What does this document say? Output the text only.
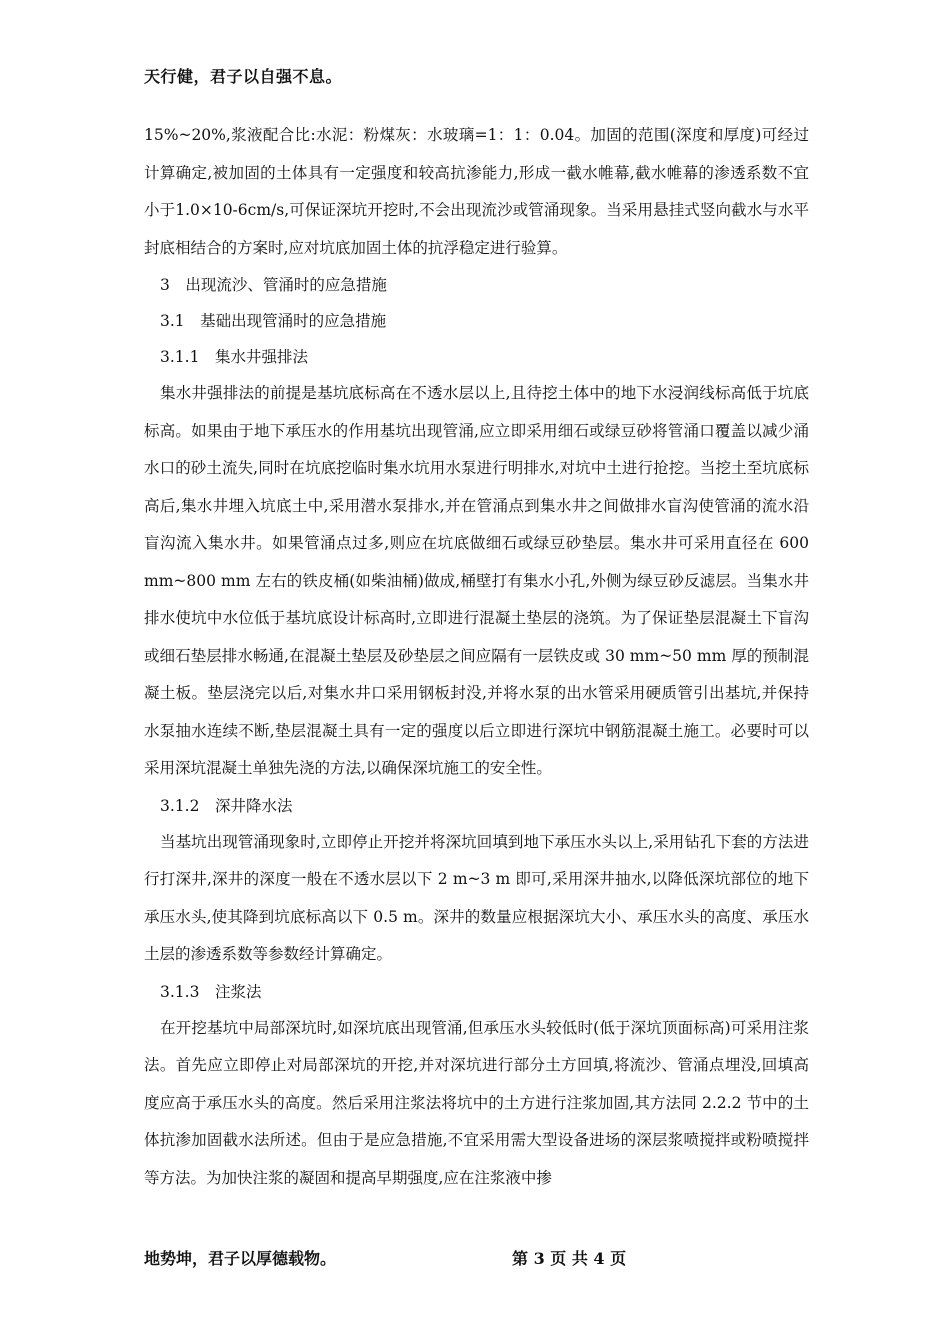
天行健，君子以自强不息。

15%~20%,浆液配合比:水泥：粉煤灰：水玻璃=1：1：0.04。加固的范围(深度和厚度)可经过计算确定,被加固的土体具有一定强度和较高抗渗能力,形成一截水帷幕,截水帷幕的渗透系数不宜小于1.0×10-6cm/s,可保证深坑开挖时,不会出现流沙或管涌现象。当采用悬挂式竖向截水与水平封底相结合的方案时,应对坑底加固土体的抗浮稳定进行验算。

3　出现流沙、管涌时的应急措施

3.1　基础出现管涌时的应急措施

3.1.1　集水井强排法

集水井强排法的前提是基坑底标高在不透水层以上,且待挖土体中的地下水浸润线标高低于坑底标高。如果由于地下承压水的作用基坑出现管涌,应立即采用细石或绿豆砂将管涌口覆盖以减少涌水口的砂土流失,同时在坑底挖临时集水坑用水泵进行明排水,对坑中土进行抢挖。当挖土至坑底标高后,集水井埋入坑底土中,采用潜水泵排水,并在管涌点到集水井之间做排水盲沟使管涌的流水沿盲沟流入集水井。如果管涌点过多,则应在坑底做细石或绿豆砂垫层。集水井可采用直径在 600 mm~800 mm 左右的铁皮桶(如柴油桶)做成,桶壁打有集水小孔,外侧为绿豆砂反滤层。当集水井排水使坑中水位低于基坑底设计标高时,立即进行混凝土垫层的浇筑。为了保证垫层混凝土下盲沟或细石垫层排水畅通,在混凝土垫层及砂垫层之间应隔有一层铁皮或 30 mm~50 mm 厚的预制混凝土板。垫层浇完以后,对集水井口采用钢板封没,并将水泵的出水管采用硬质管引出基坑,并保持水泵抽水连续不断,垫层混凝土具有一定的强度以后立即进行深坑中钢筋混凝土施工。必要时可以采用深坑混凝土单独先浇的方法,以确保深坑施工的安全性。

3.1.2　深井降水法

当基坑出现管涌现象时,立即停止开挖并将深坑回填到地下承压水头以上,采用钻孔下套的方法进行打深井,深井的深度一般在不透水层以下 2 m~3 m 即可,采用深井抽水,以降低深坑部位的地下承压水头,使其降到坑底标高以下 0.5 m。深井的数量应根据深坑大小、承压水头的高度、承压水土层的渗透系数等参数经计算确定。

3.1.3　注浆法

在开挖基坑中局部深坑时,如深坑底出现管涌,但承压水头较低时(低于深坑顶面标高)可采用注浆法。首先应立即停止对局部深坑的开挖,并对深坑进行部分土方回填,将流沙、管涌点埋没,回填高度应高于承压水头的高度。然后采用注浆法将坑中的土方进行注浆加固,其方法同 2.2.2 节中的土体抗渗加固截水法所述。但由于是应急措施,不宜采用需大型设备进场的深层浆喷搅拌或粉喷搅拌等方法。为加快注浆的凝固和提高早期强度,应在注浆液中掺

地势坤，君子以厚德载物。	第 3 页 共 4 页
